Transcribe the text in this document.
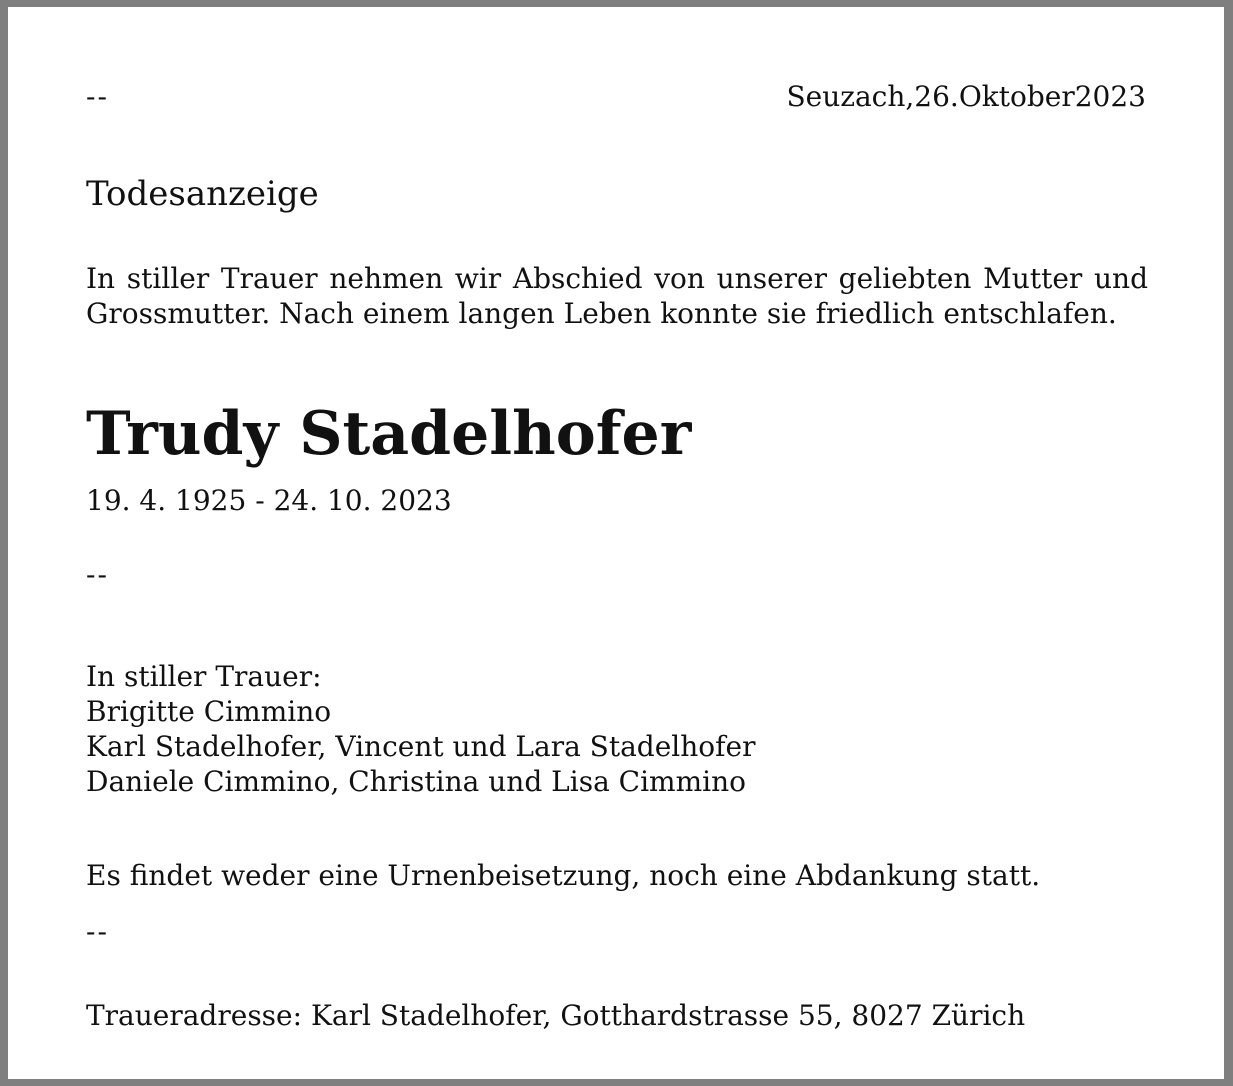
--	Seuzach,26.Oktober2023
Todesanzeige

In stiller Trauer nehmen wir Abschied von unserer geliebten Mutter und Grossmutter. Nach einem langen Leben konnte sie friedlich entschlafen.

Trudy Stadelhofer
19. 4. 1925 - 24. 10. 2023
--
In stiller Trauer:
Brigitte Cimmino
Karl Stadelhofer, Vincent und Lara Stadelhofer
Daniele Cimmino, Christina und Lisa Cimmino
Es findet weder eine Urnenbeisetzung, noch eine Abdankung statt.
--
Traueradresse: Karl Stadelhofer, Gotthardstrasse 55, 8027 Zürich
